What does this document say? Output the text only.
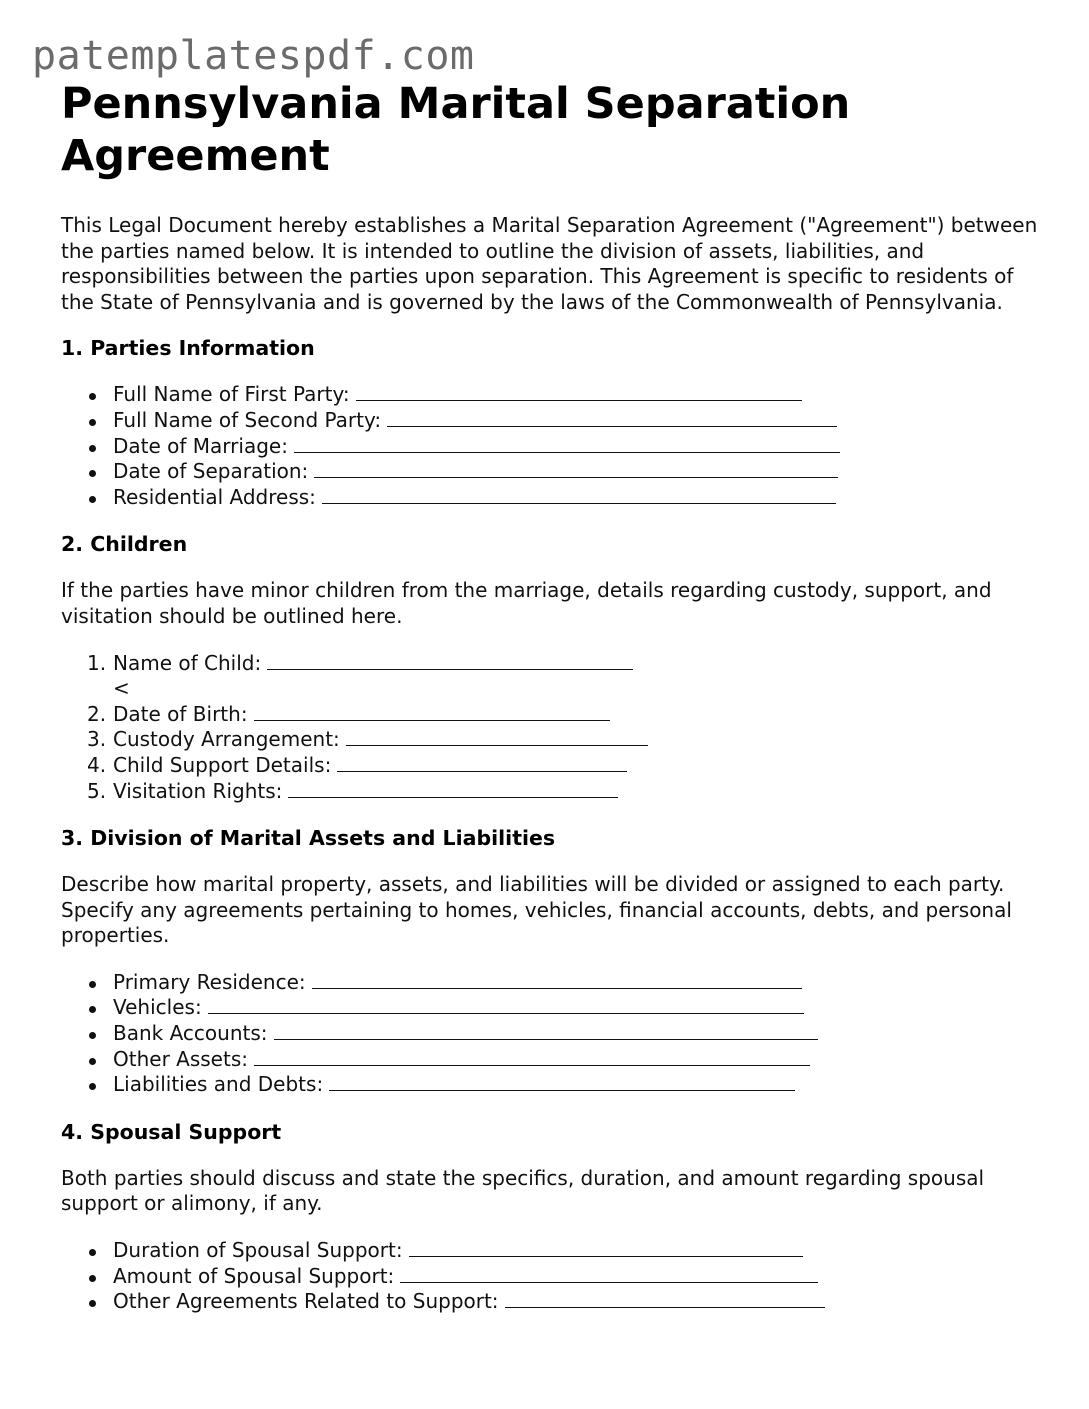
patemplatespdf.com
Pennsylvania Marital Separation Agreement

This Legal Document hereby establishes a Marital Separation Agreement ("Agreement") between the parties named below. It is intended to outline the division of assets, liabilities, and responsibilities between the parties upon separation. This Agreement is specific to residents of the State of Pennsylvania and is governed by the laws of the Commonwealth of Pennsylvania.

1. Parties Information
Full Name of First Party:
Full Name of Second Party:
Date of Marriage:
Date of Separation:
Residential Address:
2. Children

If the parties have minor children from the marriage, details regarding custody, support, and visitation should be outlined here.

1. Name of Child:
<
2. Date of Birth:
3. Custody Arrangement:
4. Child Support Details:
5. Visitation Rights:
3. Division of Marital Assets and Liabilities

Describe how marital property, assets, and liabilities will be divided or assigned to each party. Specify any agreements pertaining to homes, vehicles, financial accounts, debts, and personal properties.

Primary Residence:
Vehicles:
Bank Accounts:
Other Assets:
Liabilities and Debts:
4. Spousal Support

Both parties should discuss and state the specifics, duration, and amount regarding spousal support or alimony, if any.

Duration of Spousal Support:
Amount of Spousal Support:
Other Agreements Related to Support:
